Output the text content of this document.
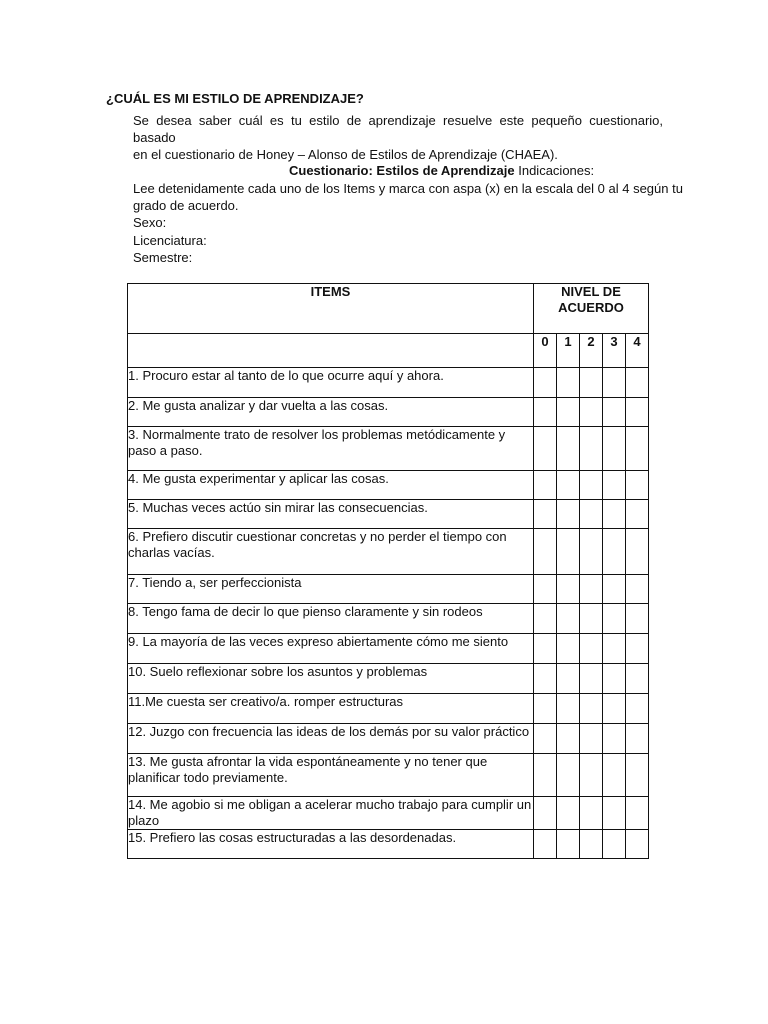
¿CUÁL ES MI ESTILO DE APRENDIZAJE?
Se desea saber cuál es tu estilo de aprendizaje resuelve este pequeño cuestionario, basado
en el cuestionario de Honey – Alonso de Estilos de Aprendizaje (CHAEA).
Cuestionario: Estilos de Aprendizaje Indicaciones:
Lee detenidamente cada uno de los Items y marca con aspa (x) en la escala del 0 al 4 según tu
grado de acuerdo.
Sexo:
Licenciatura:
Semestre:
ITEMS	NIVEL DE
ACUERDO				

	0	1	2	3	4
1. Procuro estar al tanto de lo que ocurre aquí y ahora.					
2. Me gusta analizar y dar vuelta a las cosas.					
3. Normalmente trato de resolver los problemas metódicamente y paso a paso.					
4. Me gusta experimentar y aplicar las cosas.					
5. Muchas veces actúo sin mirar las consecuencias.					
6. Prefiero discutir cuestionar concretas y no perder el tiempo con charlas vacías.					
7. Tiendo a, ser perfeccionista					
8. Tengo fama de decir lo que pienso claramente y sin rodeos					
9. La mayoría de las veces expreso abiertamente cómo me siento					
10. Suelo reflexionar sobre los asuntos y problemas					
11.Me cuesta ser creativo/a. romper estructuras					
12. Juzgo con frecuencia las ideas de los demás por su valor práctico					
13. Me gusta afrontar la vida espontáneamente y no tener que planificar todo previamente.					
14. Me agobio si me obligan a acelerar mucho trabajo para cumplir un plazo					
15. Prefiero las cosas estructuradas a las desordenadas.					
